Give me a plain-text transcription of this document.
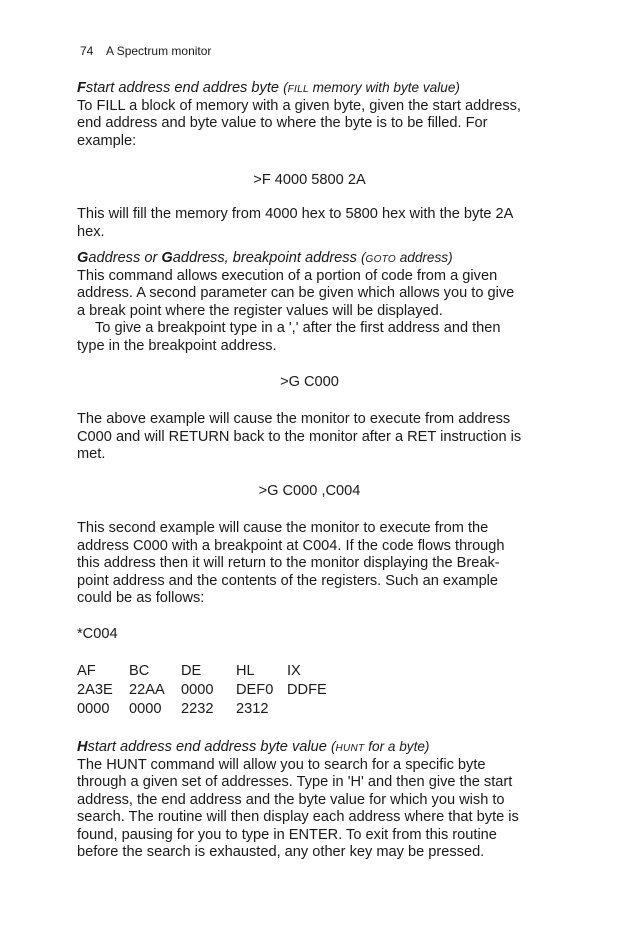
74 A Spectrum monitor

Fstart address end addres byte (fill memory with byte value)

To FILL a block of memory with a given byte, given the start address,

end address and byte value to where the byte is to be filled. For

example:

>F 4000 5800 2A

This will fill the memory from 4000 hex to 5800 hex with the byte 2A

hex.

Gaddress or Gaddress, breakpoint address (goto address)

This command allows execution of a portion of code from a given

address. A second parameter can be given which allows you to give

a break point where the register values will be displayed.

To give a breakpoint type in a ',' after the first address and then

type in the breakpoint address.

>G C000

The above example will cause the monitor to execute from address

C000 and will RETURN back to the monitor after a RET instruction is

met.

>G C000 ,C004

This second example will cause the monitor to execute from the

address C000 with a breakpoint at C004. If the code flows through

this address then it will return to the monitor displaying the Break-

point address and the contents of the registers. Such an example

could be as follows:

*C004

AF	BC	DE	HL	IX
2A3E	22AA	0000	DEF0	DDFE
0000	0000	2232	2312	

Hstart address end address byte value (hunt for a byte)

The HUNT command will allow you to search for a specific byte

through a given set of addresses. Type in 'H' and then give the start

address, the end address and the byte value for which you wish to

search. The routine will then display each address where that byte is

found, pausing for you to type in ENTER. To exit from this routine

before the search is exhausted, any other key may be pressed.
